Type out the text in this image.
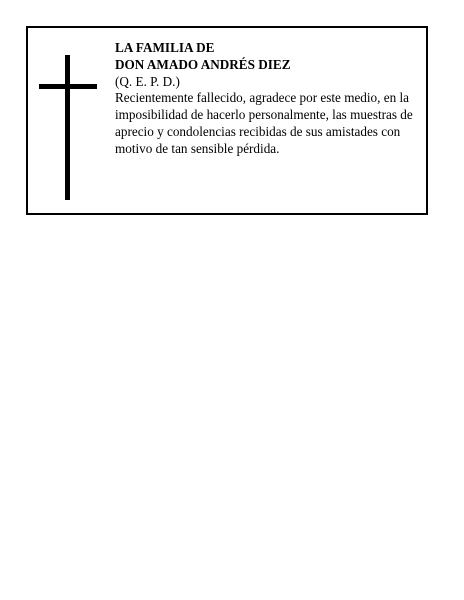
LA FAMILIA DE
DON AMADO ANDRÉS DIEZ
(Q. E. P. D.)

Recientemente fallecido, agradece por este medio, en la imposibilidad de hacerlo personalmente, las muestras de aprecio y condolencias recibidas de sus amistades con motivo de tan sensible pérdida.
